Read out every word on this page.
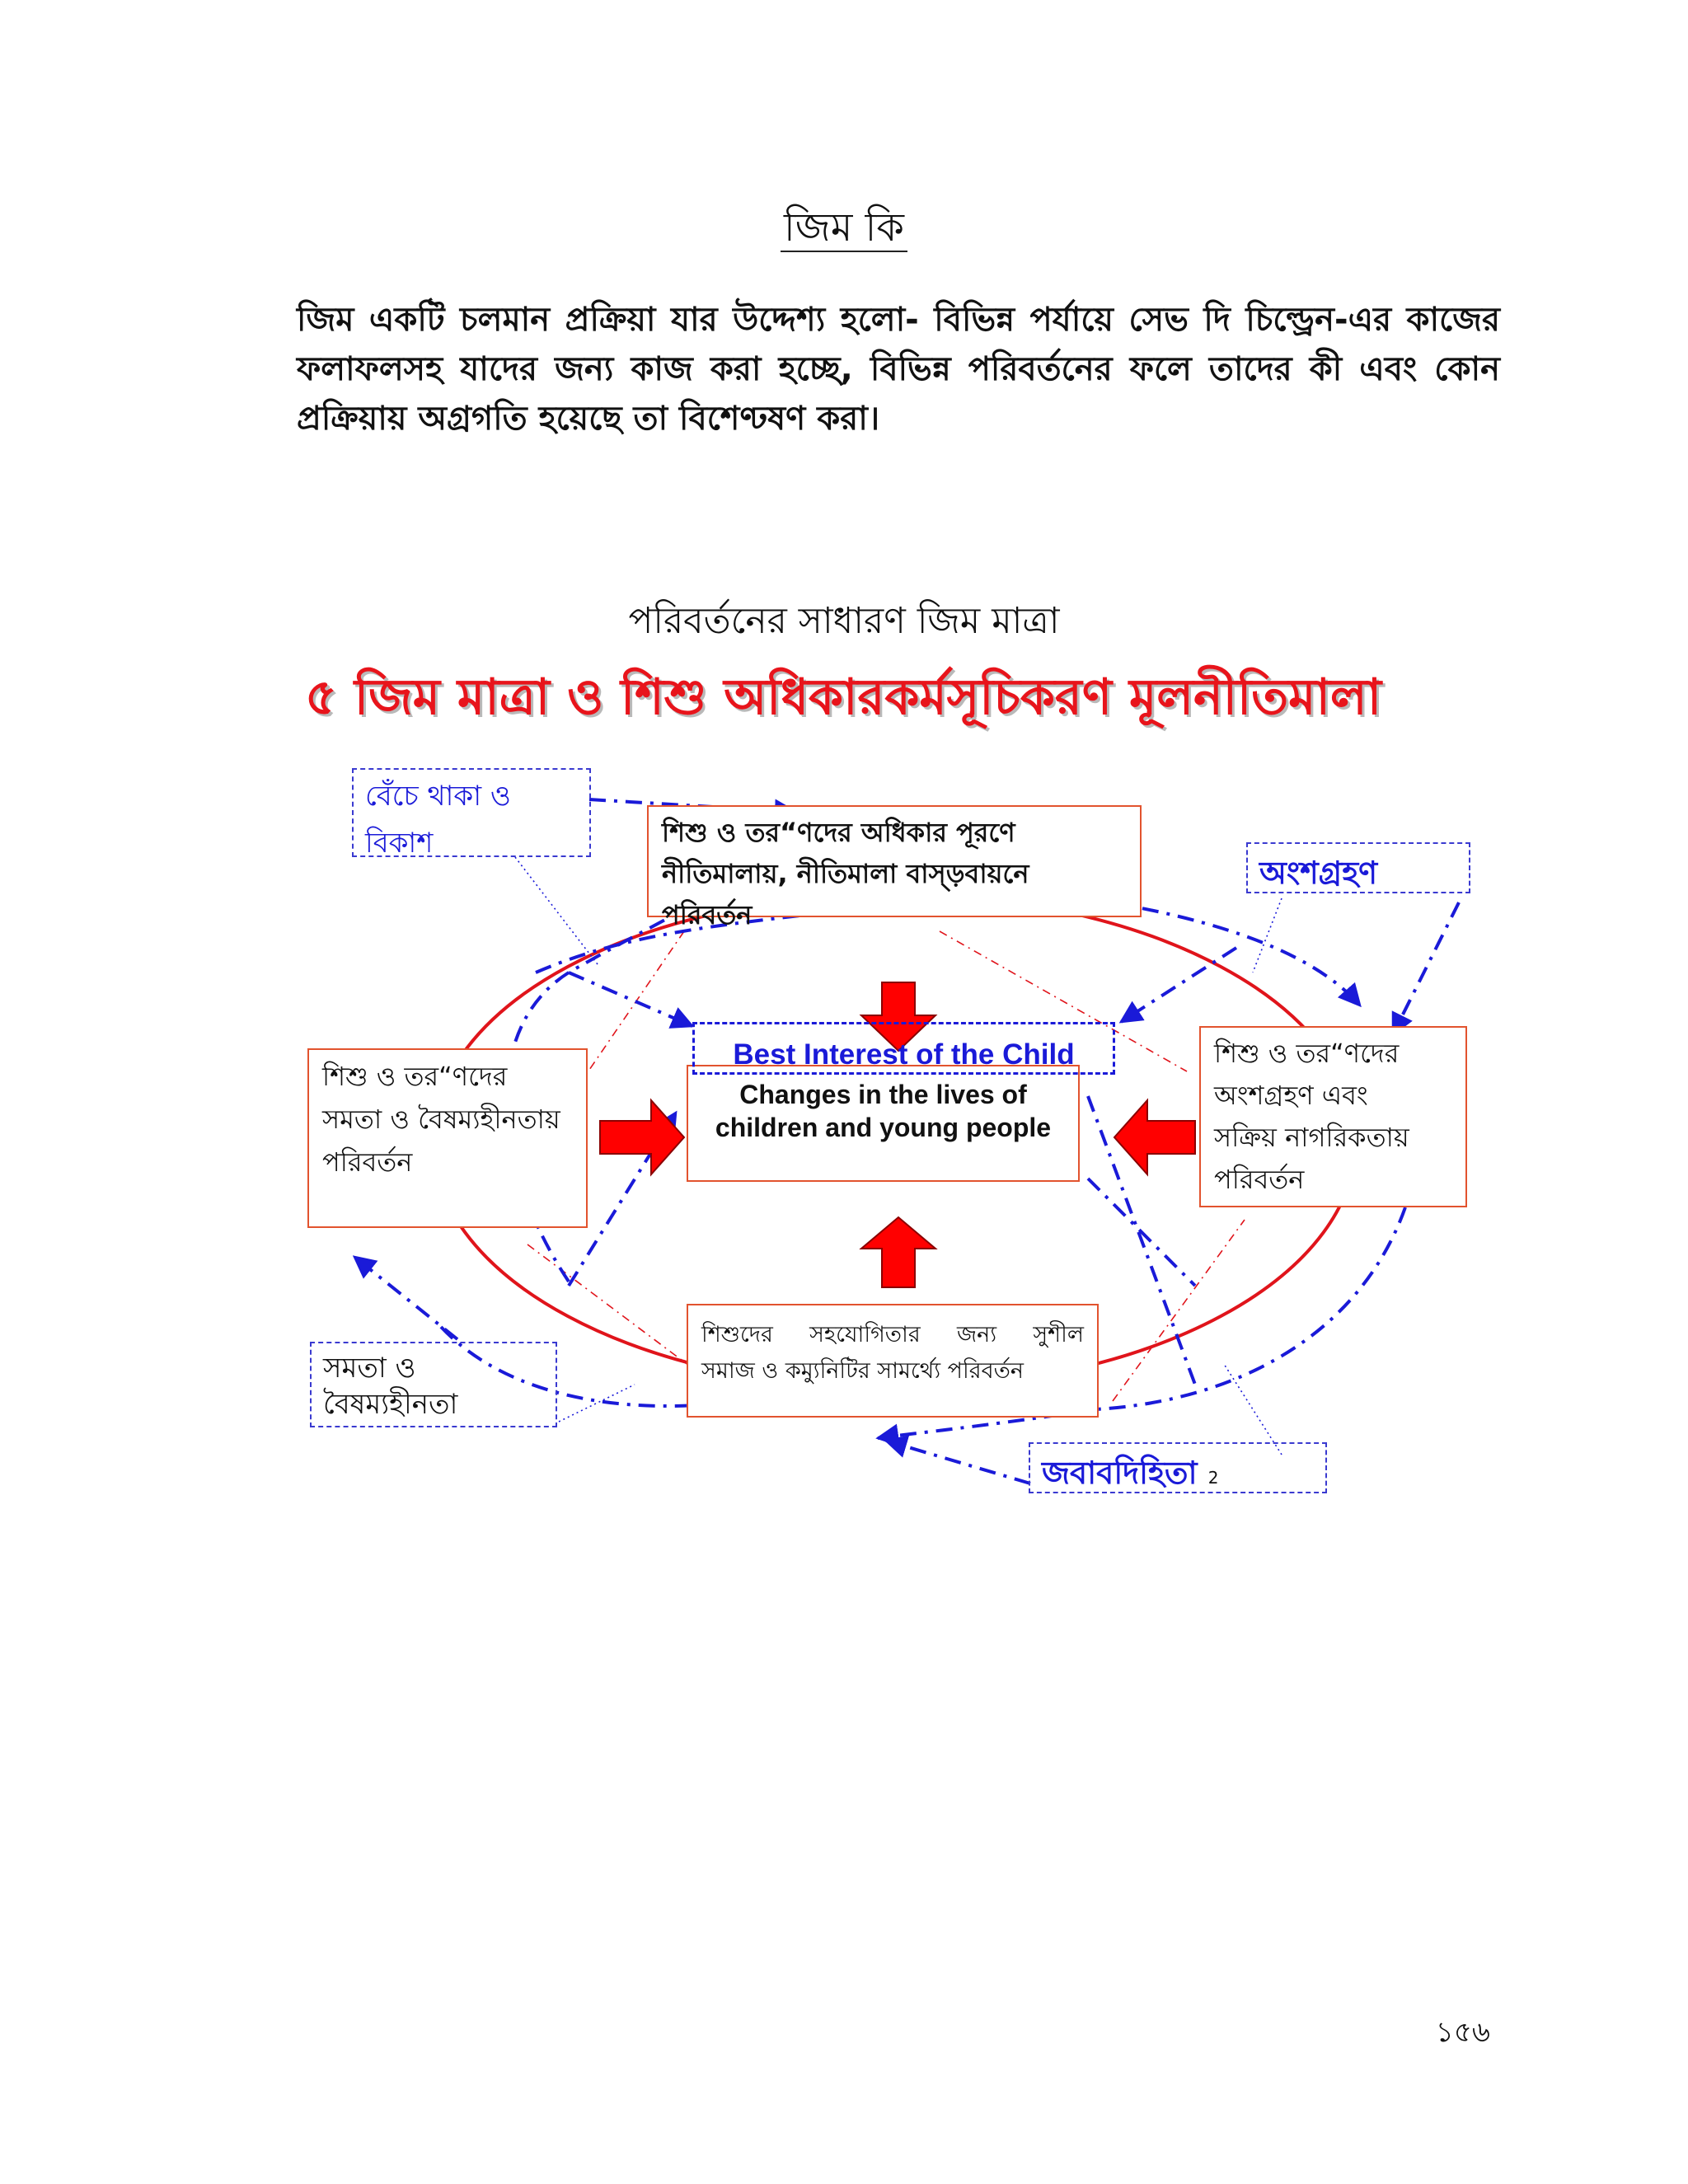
জিম কি
জিম একটি চলমান প্রক্রিয়া যার উদ্দেশ্য হলো- বিভিন্ন পর্যায়ে সেভ দি চিল্ড্রেন-এর কাজের ফলাফলসহ যাদের জন্য কাজ করা হচ্ছে, বিভিন্ন পরিবর্তনের ফলে তাদের কী এবং কোন প্রক্রিয়ায় অগ্রগতি হয়েছে তা বিশেণ্ঢষণ করা।
পরিবর্তনের সাধারণ জিম মাত্রা
৫ জিম মাত্রা ও শিশু অধিকারকর্মসূচিকরণ মূলনীতিমালা
বেঁচে থাকা ও বিকাশ
অংশগ্রহণ
সমতা ও
বৈষম্যহীনতা
জবাবদিহিতা 2
শিশু ও তর“ণদের অধিকার পূরণে
নীতিমালায়, নীতিমালা বাস্ড়বায়নে পরিবর্তন
শিশু ও তর“ণদের
সমতা ও বৈষম্যহীনতায়
পরিবর্তন
শিশু ও তর“ণদের
অংশগ্রহণ এবং
সক্রিয় নাগরিকতায়
পরিবর্তন
শিশুদের সহযোগিতার জন্য সুশীল
সমাজ ও কম্যুনিটির সামর্থ্যে পরিবর্তন
Changes in the lives of
children and young people
Best Interest of the Child
১৫৬
